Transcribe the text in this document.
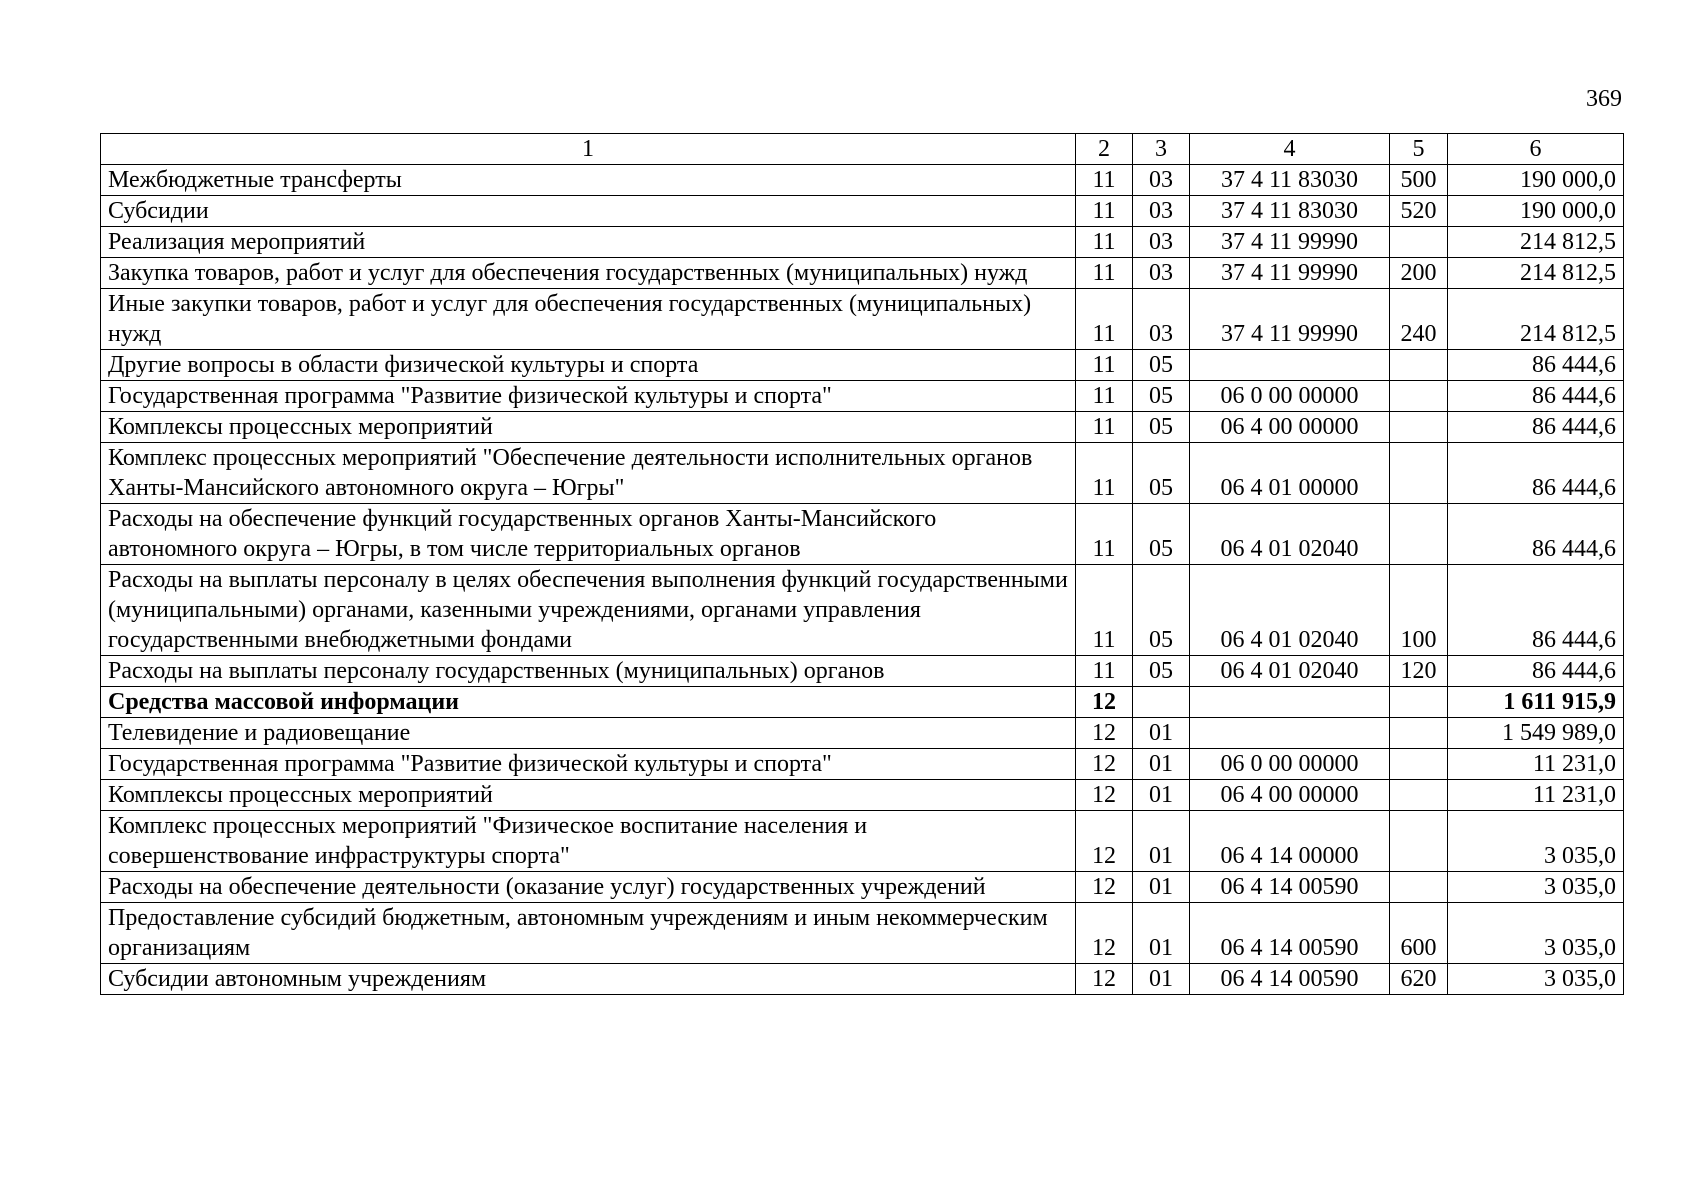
369
1	2	3	4	5	6
Межбюджетные трансферты	11	03	37 4 11 83030	500	190 000,0
Субсидии	11	03	37 4 11 83030	520	190 000,0
Реализация мероприятий	11	03	37 4 11 99990		214 812,5
Закупка товаров, работ и услуг для обеспечения государственных (муниципальных) нужд	11	03	37 4 11 99990	200	214 812,5
Иные закупки товаров, работ и услуг для обеспечения государственных (муниципальных) нужд	11	03	37 4 11 99990	240	214 812,5
Другие вопросы в области физической культуры и спорта	11	05			86 444,6
Государственная программа "Развитие физической культуры и спорта"	11	05	06 0 00 00000		86 444,6
Комплексы процессных мероприятий	11	05	06 4 00 00000		86 444,6
Комплекс процессных мероприятий "Обеспечение деятельности исполнительных органов Ханты-Мансийского автономного округа – Югры"	11	05	06 4 01 00000		86 444,6
Расходы на обеспечение функций государственных органов Ханты-Мансийского автономного округа – Югры, в том числе территориальных органов	11	05	06 4 01 02040		86 444,6
Расходы на выплаты персоналу в целях обеспечения выполнения функций государственными (муниципальными) органами, казенными учреждениями, органами управления государственными внебюджетными фондами	11	05	06 4 01 02040	100	86 444,6
Расходы на выплаты персоналу государственных (муниципальных) органов	11	05	06 4 01 02040	120	86 444,6
Средства массовой информации	12				1 611 915,9
Телевидение и радиовещание	12	01			1 549 989,0
Государственная программа "Развитие физической культуры и спорта"	12	01	06 0 00 00000		11 231,0
Комплексы процессных мероприятий	12	01	06 4 00 00000		11 231,0
Комплекс процессных мероприятий "Физическое воспитание населения и совершенствование инфраструктуры спорта"	12	01	06 4 14 00000		3 035,0
Расходы на обеспечение деятельности (оказание услуг) государственных учреждений	12	01	06 4 14 00590		3 035,0
Предоставление субсидий бюджетным, автономным учреждениям и иным некоммерческим организациям	12	01	06 4 14 00590	600	3 035,0
Субсидии автономным учреждениям	12	01	06 4 14 00590	620	3 035,0
